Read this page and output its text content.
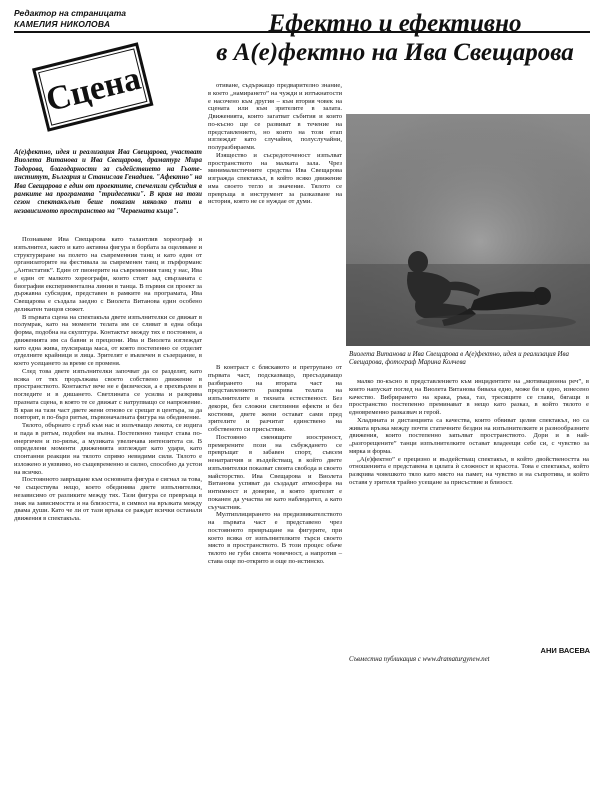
Редактор на страницата
КАМЕЛИЯ НИКОЛОВА	Ефектно и ефективно
в А(е)фектно на Ива Свещарова
Сцена
А(е)фектно, идея и реализация Ива Свещарова, участват Виолета Витанова и Ива Свещарова, драматург Мира Тодорова, благодарности за съдействието на Гьоте-институт, България и Станислав Генадиев. "Афектно" на Ива Свещарова е един от проектите, спечелили субсидия в рамките на програмата "тридесетки". В края на този сезон спектакълът беше показан няколко пъти в независимото пространство на "Червената къща".

Познаваме Ива Свещарова като талантлив хореограф и изпълнител, както и като активна фигура в борбата за оцеляване и структуриране на полето на съвременния танц и като един от организаторите на фестивала за съвременен танц и пърформанс „Антистатик”. Един от пионерите на съвременния танц у нас, Ива е един от малкото хореографи, които стоят зад свързаната с биография експериментална линия в танца. В първия си проект за държавна субсидия, представен в рамките на програмата, Ива Свещарова е създала заедно с Виолета Витанова един особено деликатен танцов сюжет.

В първата сцена на спектакъла двете изпълнителки се движат в полумрак, като на моменти телата им се сливат в една обща форма, подобна на скулптура. Контактът между тях е постоянен, а движенията им са бавни и прецизни. Ива и Виолета изглеждат като една жива, пулсираща маса, от която постепенно се отделят отделните крайници и лица. Зрителят е въвлечен в съзерцание, в което усещането за време се променя.

След това двете изпълнителки започват да се разделят, като всяка от тях продължава своето собствено движение в пространството. Контактът вече не е физически, а е прехвърлен в погледите и в дишането. Светлината се усилва и разкрива празната сцена, в която те се движат с натрупващо се напрежение. В края на тази част двете жени отново се срещат в центъра, за да повторят, в по-бърз ритъм, първоначалната фигура на обединение.

Тялото, обърнато с гръб към нас и излъчващо лекота, се издига и пада в ритъм, подобен на вълна. Постепенно танцът става по-енергичен и по-рязък, а музиката увеличава интензитета си. В определени моменти движенията изглеждат като удари, като спонтанни реакции на тялото спрямо невидими сили. Тялото е изложено и уязвимо, но същевременно и силно, способно да устои на всичко.

Постоянното завръщане към основната фигура е сигнал за това, че съществува нещо, което обединява двете изпълнителки, независимо от разликите между тях. Тази фигура се превръща в знак на зависимостта и на близостта, в символ на връзката между двама души. Като че ли от тази връзка се раждат всички останали движения в спектакъла.

отиване, съдържащо предварително знание, в което „намирането” на чужди и изтъкнатости е насочено към другия – към втория човек на сцената или към зрителите в залата. Движенията, които загатват събития и които по-късно ще се развиват в течение на представлението, но които на този етап изглеждат като случайни, полуслучайни, полуразбираеми.

Изящество и съсредоточеност изпълват пространството на малката зала. Чрез минималистичните средства Ива Свещарова изгражда спектакъл, в който всяко движение има своето тегло и значение. Тялото се превръща в инструмент за разказване на история, която не се нуждае от думи.

В контраст с бляскавото и претрупано от първата част, подсказващо, пресъздаващо разбирането на втората част на представлението разкрива телата на изпълнителите в тяхната естественост. Без декори, без сложни светлинни ефекти и без костюми, двете жени остават сами пред зрителите и разчитат единствено на собственото си присъствие.

Постоянно сменящите изостреност, премерените пози на събуждането се превръщат в забавен спорт, съвсем ненатрапчив и въздействащ, в който двете изпълнителки показват своята свобода и своето майсторство. Ива Свещарова и Виолета Витанова успяват да създадат атмосфера на интимност и доверие, в която зрителят е поканен да участва не като наблюдател, а като съучастник.

Мултиплицирането на предизвикателството на първата част е представено чрез постоянното превръщане на фигурите, при което всяка от изпълнителките търси своето място в пространството. В този процес обаче тялото не губи своята човечност, а напротив – става още по-открито и още по-истинско.

Виолета Витанова и Ива Свещарова в А(е)фектно, идея и реализация Ива Свещарова, фотограф Марина Колчева

малко по-късно в представлението към инцидентите на „мотивационна реч”, в които напускат поглед на Виолета Витанова биваха едно, може би и едно, изнесено качество. Вибрирането на крака, ръка, таз, тресящите се глави, бягащи в пространство постепенно преминават в нещо като разказ, в който тялото е едновременно разказвач и герой.

Хладината и дистанцията са качества, които обвиват целия спектакъл, но са живата връзка между почти статичните бездни на изпълнителките и разнообразните движения, които постепенно запълват пространството. Дори и в най-„разгорещените” танци изпълнителките остават владеещи себе си, с чувство за мярка и форма.

„А(е)фектно” е прецизно и въздействащ спектакъл, в който двойствеността на отношенията е представена в цялата ѝ сложност и красота. Това е спектакъл, който разкрива човешкото тяло като място на памет, на чувство и на съпротива, и който оставя у зрителя трайно усещане за присъствие и близост.

АНИ ВАСЕВА
Съвместна публикация с www.dramaturgynew.net
